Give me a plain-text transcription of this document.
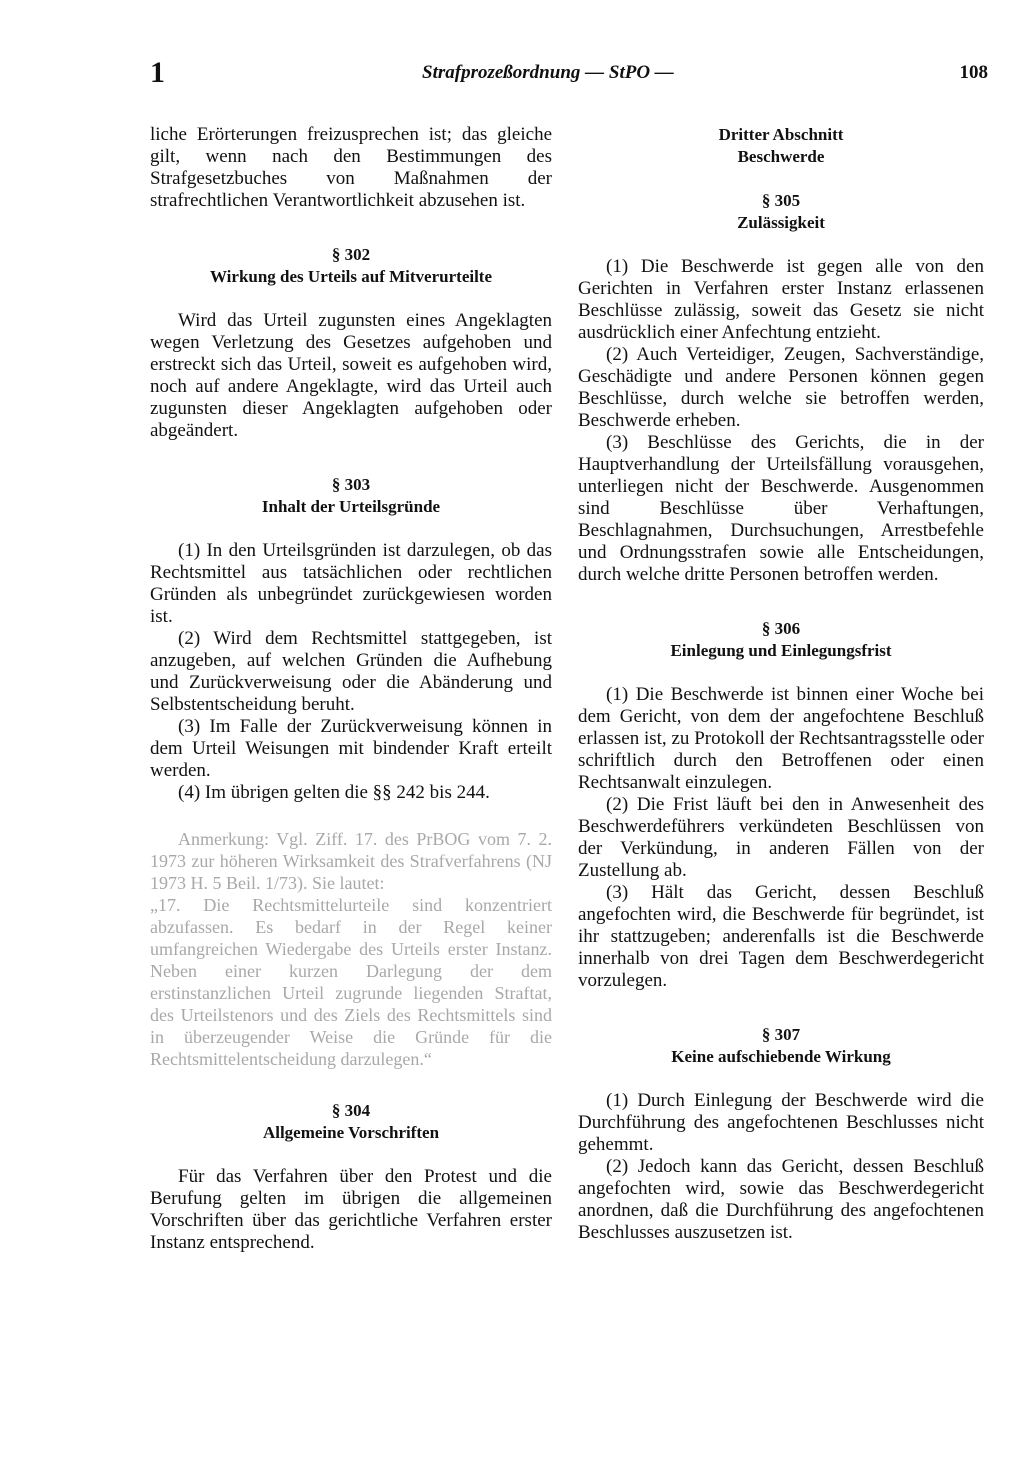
1	Strafprozeßordnung — StPO —	108

liche Erörterungen freizusprechen ist; das gleiche gilt, wenn nach den Bestimmungen des Strafgesetzbuches von Maßnahmen der strafrechtlichen Verantwortlichkeit abzusehen ist.

§ 302
Wirkung des Urteils auf Mitverurteilte

Wird das Urteil zugunsten eines Angeklagten wegen Verletzung des Gesetzes aufgehoben und erstreckt sich das Urteil, soweit es aufgehoben wird, noch auf andere Angeklagte, wird das Urteil auch zugunsten dieser Angeklagten aufgehoben oder abgeändert.

§ 303
Inhalt der Urteilsgründe

(1) In den Urteilsgründen ist darzulegen, ob das Rechtsmittel aus tatsächlichen oder rechtlichen Gründen als unbegründet zurückgewiesen worden ist.

(2) Wird dem Rechtsmittel stattgegeben, ist anzugeben, auf welchen Gründen die Aufhebung und Zurückverweisung oder die Abänderung und Selbstentscheidung beruht.

(3) Im Falle der Zurückverweisung können in dem Urteil Weisungen mit bindender Kraft erteilt werden.

(4) Im übrigen gelten die §§ 242 bis 244.

Anmerkung: Vgl. Ziff. 17. des PrBOG vom 7. 2. 1973 zur höheren Wirksamkeit des Strafverfahrens (NJ 1973 H. 5 Beil. 1/73). Sie lautet:

„17. Die Rechtsmittelurteile sind konzentriert abzufassen. Es bedarf in der Regel keiner umfangreichen Wiedergabe des Urteils erster Instanz. Neben einer kurzen Darlegung der dem erstinstanzlichen Urteil zugrunde liegenden Straftat, des Urteilstenors und des Ziels des Rechtsmittels sind in überzeugender Weise die Gründe für die Rechtsmittelentscheidung darzulegen.“

§ 304
Allgemeine Vorschriften

Für das Verfahren über den Protest und die Berufung gelten im übrigen die allgemeinen Vorschriften über das gerichtliche Verfahren erster Instanz entsprechend.

Dritter Abschnitt
Beschwerde
§ 305
Zulässigkeit

(1) Die Beschwerde ist gegen alle von den Gerichten in Verfahren erster Instanz erlassenen Beschlüsse zulässig, soweit das Gesetz sie nicht ausdrücklich einer Anfechtung entzieht.

(2) Auch Verteidiger, Zeugen, Sachverständige, Geschädigte und andere Personen können gegen Beschlüsse, durch welche sie betroffen werden, Beschwerde erheben.

(3) Beschlüsse des Gerichts, die in der Hauptverhandlung der Urteilsfällung vorausgehen, unterliegen nicht der Beschwerde. Ausgenommen sind Beschlüsse über Verhaftungen, Beschlagnahmen, Durchsuchungen, Arrestbefehle und Ordnungsstrafen sowie alle Entscheidungen, durch welche dritte Personen betroffen werden.

§ 306
Einlegung und Einlegungsfrist

(1) Die Beschwerde ist binnen einer Woche bei dem Gericht, von dem der angefochtene Beschluß erlassen ist, zu Protokoll der Rechtsantragsstelle oder schriftlich durch den Betroffenen oder einen Rechtsanwalt einzulegen.

(2) Die Frist läuft bei den in Anwesenheit des Beschwerdeführers verkündeten Beschlüssen von der Verkündung, in anderen Fällen von der Zustellung ab.

(3) Hält das Gericht, dessen Beschluß angefochten wird, die Beschwerde für begründet, ist ihr stattzugeben; anderenfalls ist die Beschwerde innerhalb von drei Tagen dem Beschwerdegericht vorzulegen.

§ 307
Keine aufschiebende Wirkung

(1) Durch Einlegung der Beschwerde wird die Durchführung des angefochtenen Beschlusses nicht gehemmt.

(2) Jedoch kann das Gericht, dessen Beschluß angefochten wird, sowie das Beschwerdegericht anordnen, daß die Durchführung des angefochtenen Beschlusses auszusetzen ist.
